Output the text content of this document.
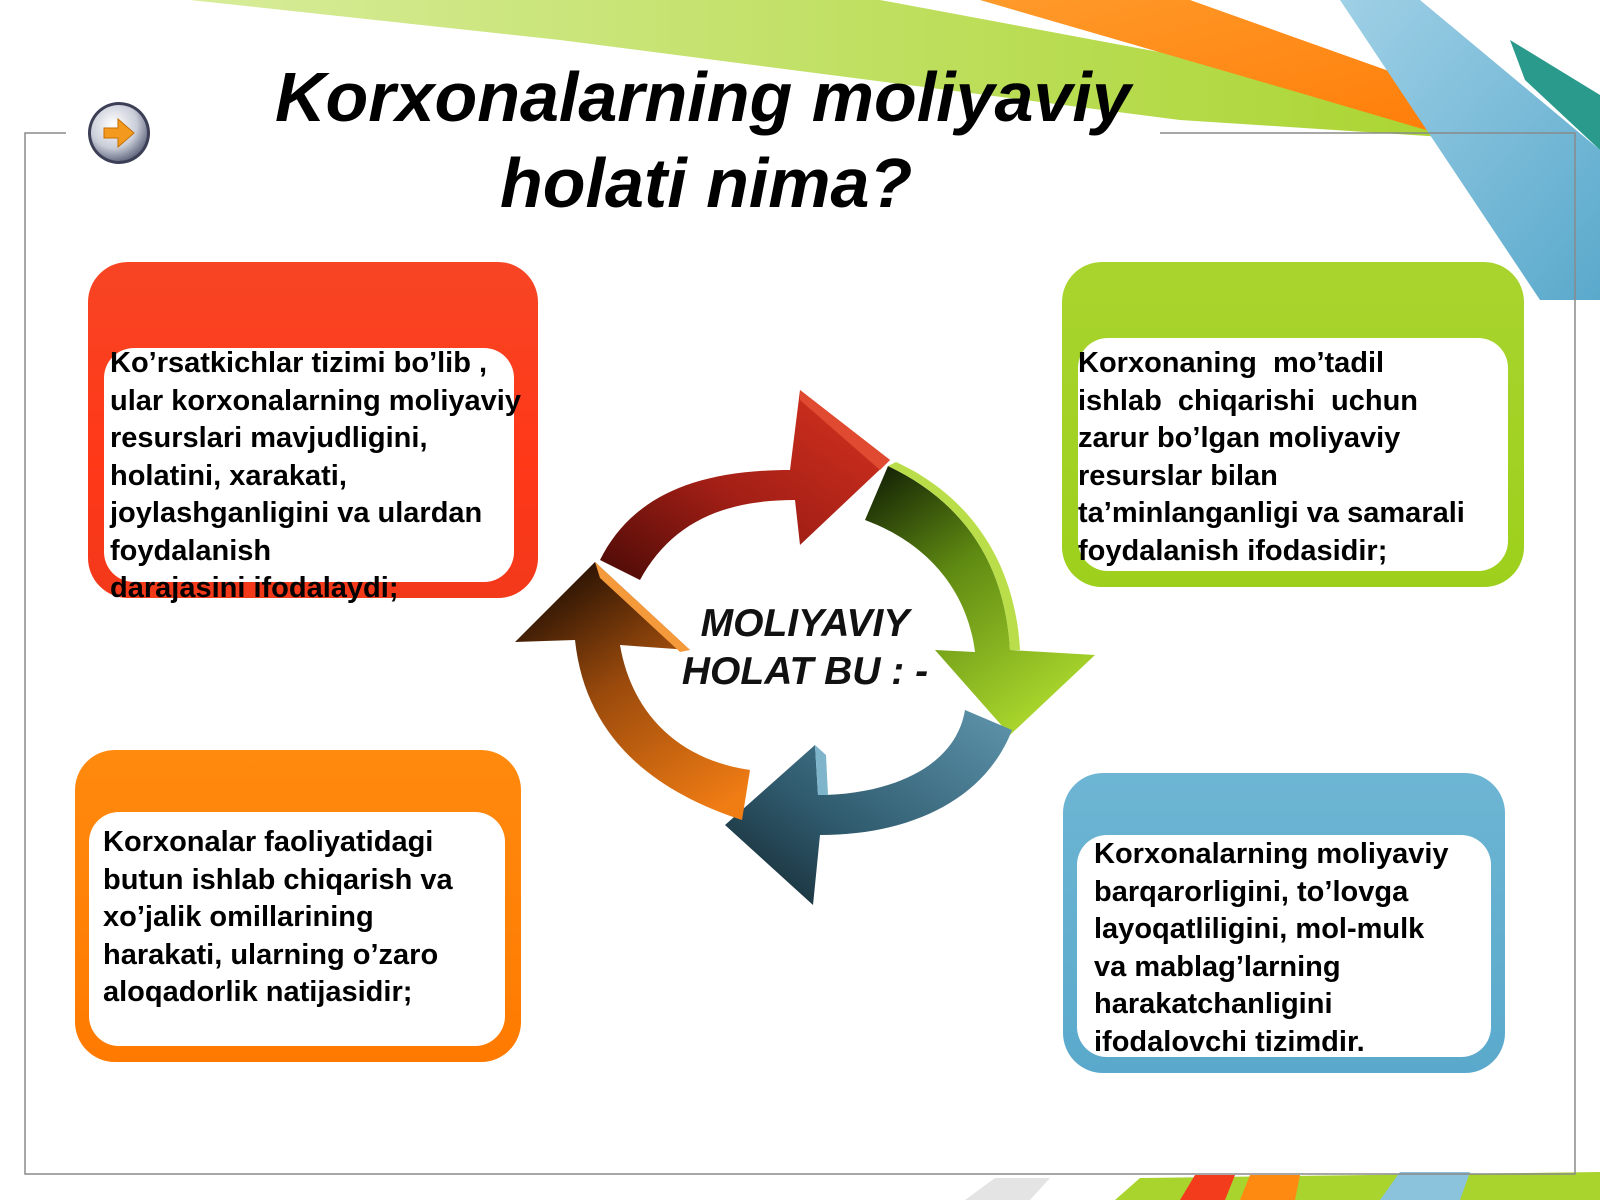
Korxonalarning moliyaviy
holati nima?
MOLIYAVIY
HOLAT BU : -

Ko’rsatkichlar tizimi bo’lib ,
ular korxonalarning moliyaviy
resurslari mavjudligini,
holatini, xarakati,
joylashganligini va ulardan
foydalanish
darajasini ifodalaydi;

Korxonaning  mo’tadil
ishlab  chiqarishi  uchun
zarur bo’lgan moliyaviy
resurslar bilan
ta’minlanganligi va samarali
foydalanish ifodasidir;

Korxonalar faoliyatidagi
butun ishlab chiqarish va
xo’jalik omillarining
harakati, ularning o’zaro
aloqadorlik natijasidir;

Korxonalarning moliyaviy
barqarorligini, to’lovga
layoqatliligini, mol-mulk
va mablag’larning
harakatchanligini
ifodalovchi tizimdir.
